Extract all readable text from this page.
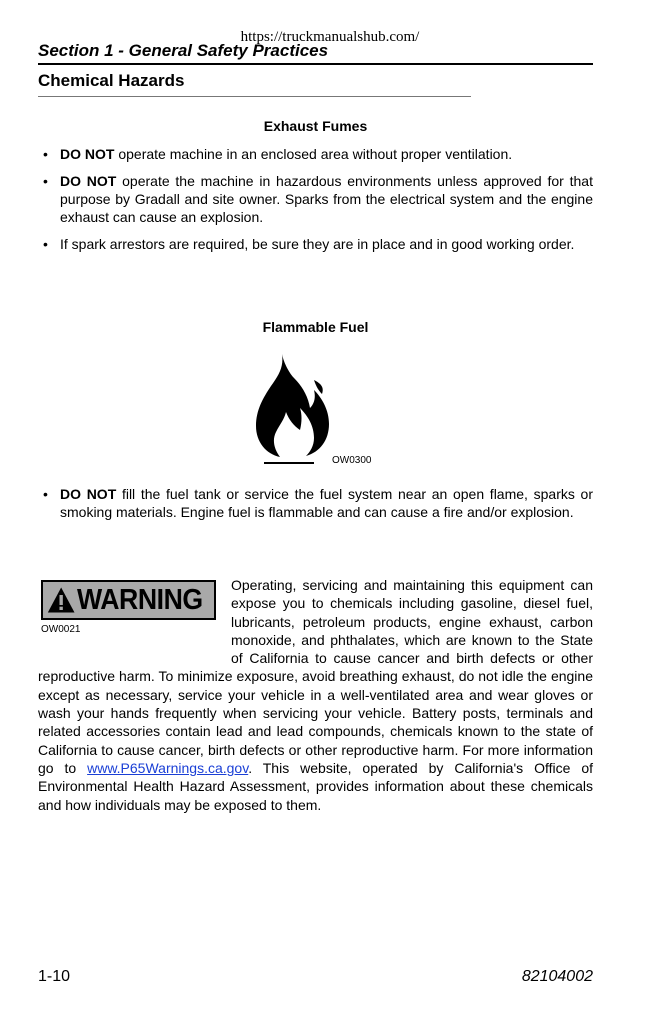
https://truckmanualshub.com/
Section 1 - General Safety Practices
Chemical Hazards
Exhaust Fumes
• DO NOT operate machine in an enclosed area without proper ventilation.
• DO NOT operate the machine in hazardous environments unless approved for that purpose by Gradall and site owner. Sparks from the electrical system and the engine exhaust can cause an explosion.
• If spark arrestors are required, be sure they are in place and in good working order.
Flammable Fuel
OW0300
• DO NOT fill the fuel tank or service the fuel system near an open flame, sparks or smoking materials. Engine fuel is flammable and can cause a fire and/or explosion.
WARNING
OW0021

Operating, servicing and maintaining this equipment can expose you to chemicals including gasoline, diesel fuel, lubricants, petroleum products, engine exhaust, carbon monoxide, and phthalates, which are known to the State of California to cause cancer and birth defects or other reproductive harm. To minimize exposure, avoid breathing exhaust, do not idle the engine except as necessary, service your vehicle in a well-ventilated area and wear gloves or wash your hands frequently when servicing your vehicle. Battery posts, terminals and related accessories contain lead and lead compounds, chemicals known to the state of California to cause cancer, birth defects or other reproductive harm. For more information go to www.P65Warnings.ca.gov. This website, operated by California's Office of Environmental Health Hazard Assessment, provides information about these chemicals and how individuals may be exposed to them.

1-10	82104002
